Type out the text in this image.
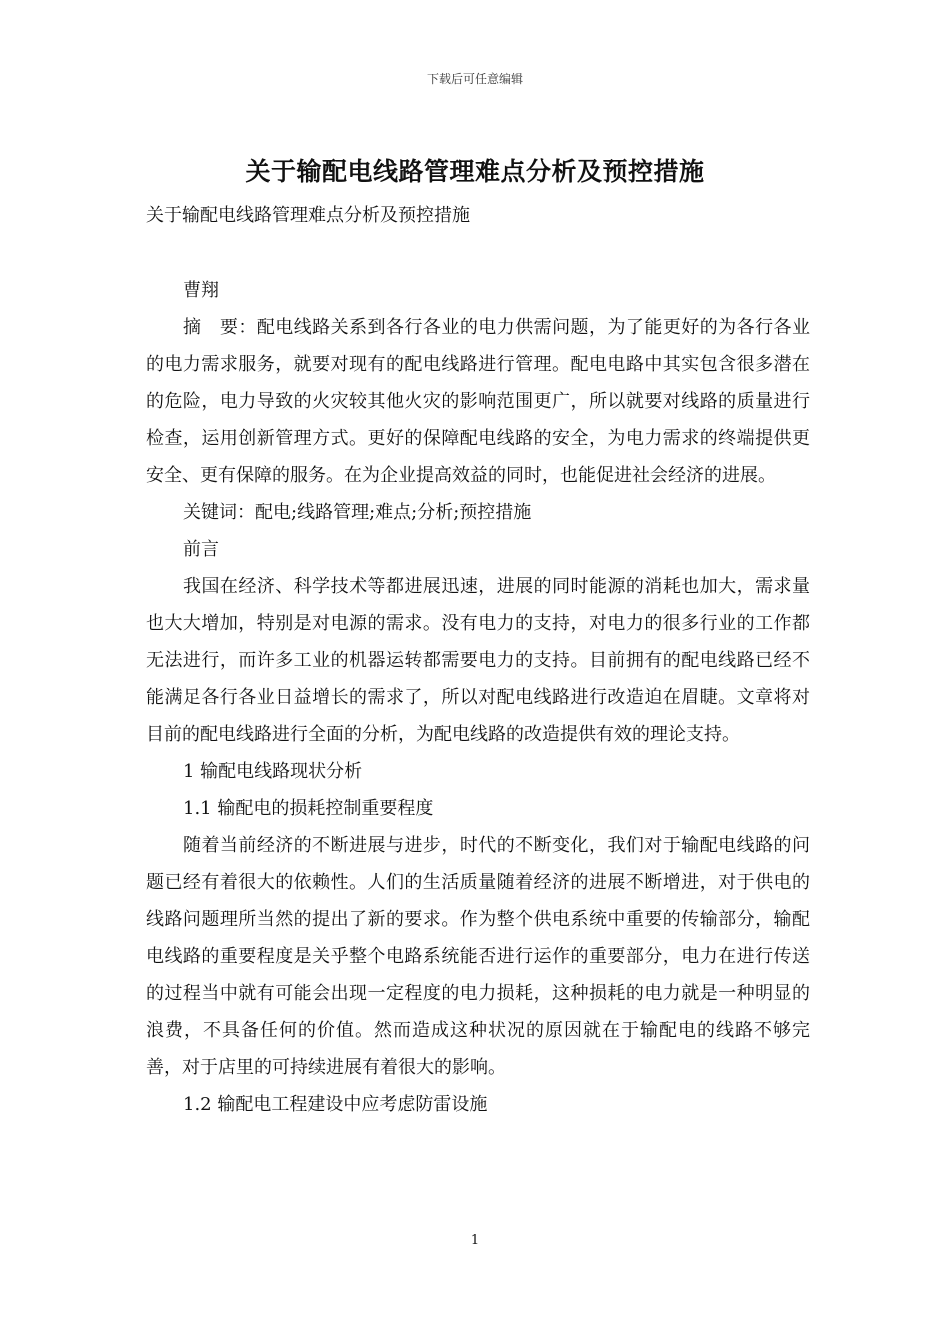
下载后可任意编辑
关于输配电线路管理难点分析及预控措施
关于输配电线路管理难点分析及预控措施

曹翔

摘　要：配电线路关系到各行各业的电力供需问题，为了能更好的为各行各业的电力需求服务，就要对现有的配电线路进行管理。配电电路中其实包含很多潜在的危险，电力导致的火灾较其他火灾的影响范围更广，所以就要对线路的质量进行检查，运用创新管理方式。更好的保障配电线路的安全，为电力需求的终端提供更安全、更有保障的服务。在为企业提高效益的同时，也能促进社会经济的进展。

关键词：配电;线路管理;难点;分析;预控措施

前言

我国在经济、科学技术等都进展迅速，进展的同时能源的消耗也加大，需求量也大大增加，特别是对电源的需求。没有电力的支持，对电力的很多行业的工作都无法进行，而许多工业的机器运转都需要电力的支持。目前拥有的配电线路已经不能满足各行各业日益增长的需求了，所以对配电线路进行改造迫在眉睫。文章将对目前的配电线路进行全面的分析，为配电线路的改造提供有效的理论支持。

1 输配电线路现状分析

1.1 输配电的损耗控制重要程度

随着当前经济的不断进展与进步，时代的不断变化，我们对于输配电线路的问题已经有着很大的依赖性。人们的生活质量随着经济的进展不断增进，对于供电的线路问题理所当然的提出了新的要求。作为整个供电系统中重要的传输部分，输配电线路的重要程度是关乎整个电路系统能否进行运作的重要部分，电力在进行传送的过程当中就有可能会出现一定程度的电力损耗，这种损耗的电力就是一种明显的浪费，不具备任何的价值。然而造成这种状况的原因就在于输配电的线路不够完善，对于店里的可持续进展有着很大的影响。

1.2 输配电工程建设中应考虑防雷设施

1
